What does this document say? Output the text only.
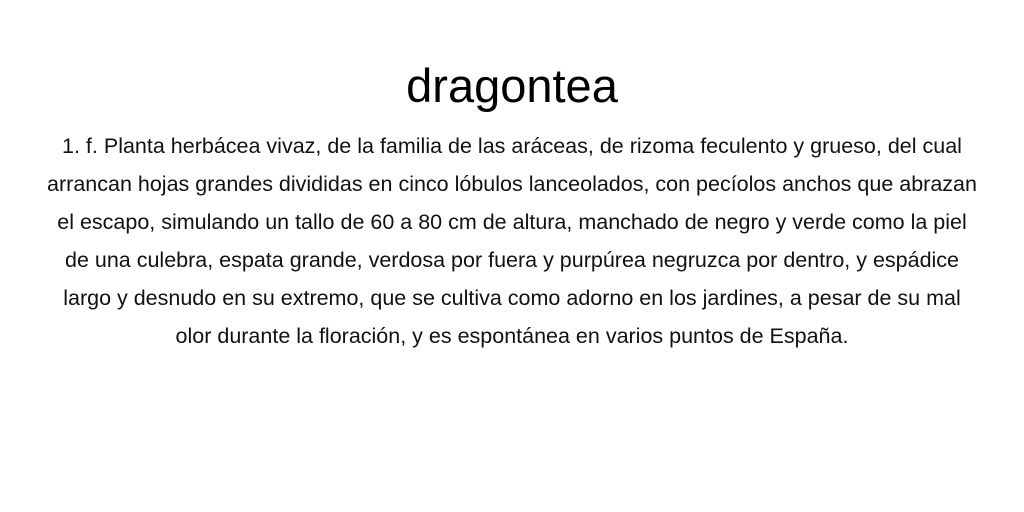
dragontea

1. f. Planta herbácea vivaz, de la familia de las aráceas, de rizoma feculento y grueso, del cual arrancan hojas grandes divididas en cinco lóbulos lanceolados, con pecíolos anchos que abrazan el escapo, simulando un tallo de 60 a 80 cm de altura, manchado de negro y verde como la piel de una culebra, espata grande, verdosa por fuera y purpúrea negruzca por dentro, y espádice largo y desnudo en su extremo, que se cultiva como adorno en los jardines, a pesar de su mal olor durante la floración, y es espontánea en varios puntos de España.
